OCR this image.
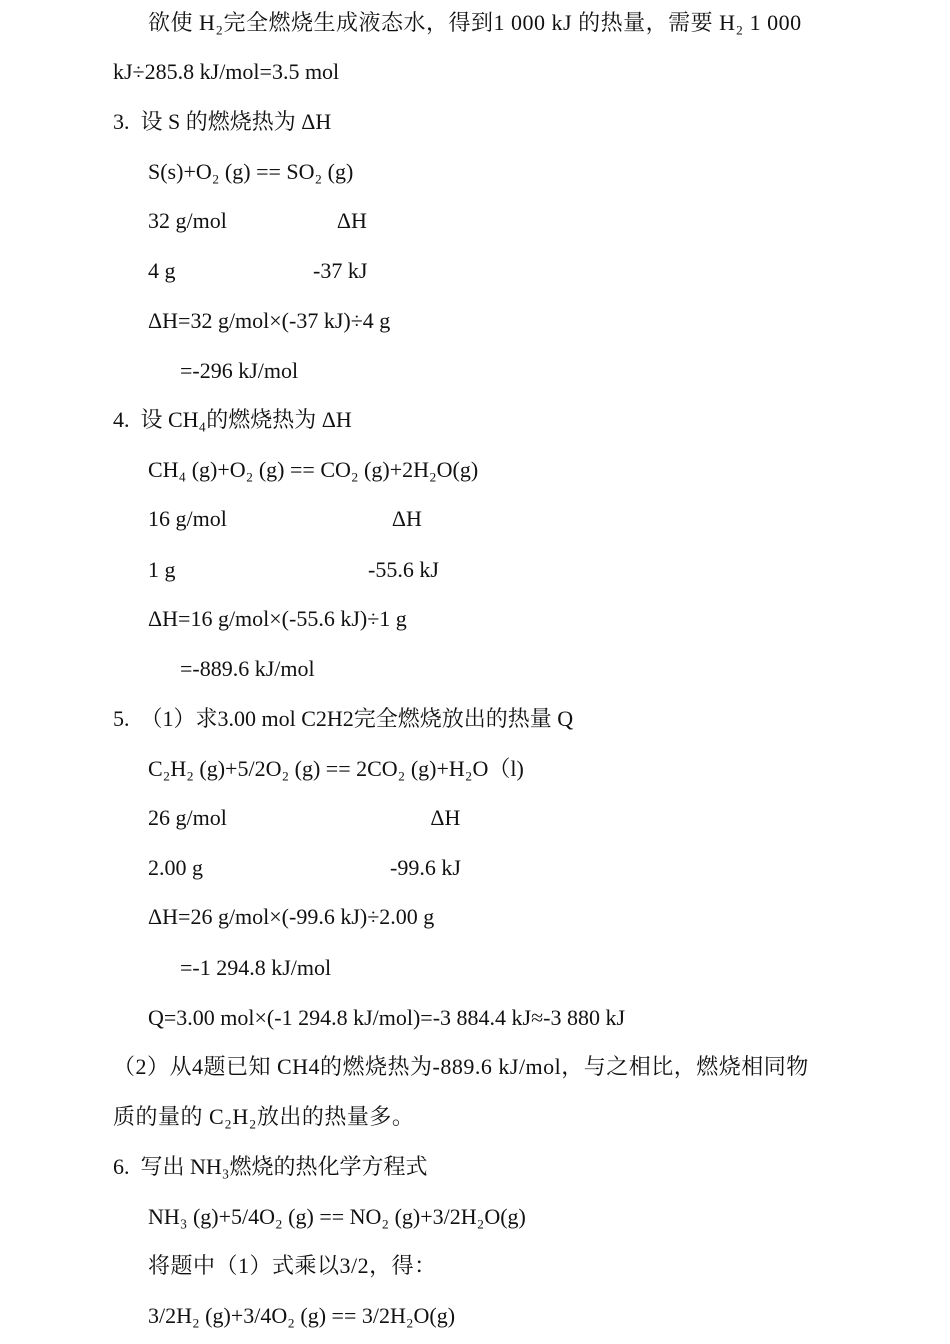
欲使 H₂完全燃烧生成液态水，得到1 000 kJ 的热量，需要 H₂ 1 000
kJ÷285.8 kJ/mol=3.5 mol
3.  设 S 的燃烧热为 ΔH
S(s)+O₂ (g) == SO₂ (g)
32 g/mol                    ΔH
4 g                         -37 kJ
ΔH=32 g/mol×(-37 kJ)÷4 g
=-296 kJ/mol
4.  设 CH₄的燃烧热为 ΔH
CH₄ (g)+O₂ (g) == CO₂ (g)+2H₂O(g)
16 g/mol                              ΔH
1 g                                   -55.6 kJ
ΔH=16 g/mol×(-55.6 kJ)÷1 g
=-889.6 kJ/mol
5.  （1）求3.00 mol C2H2完全燃烧放出的热量 Q
C₂H₂ (g)+5/2O₂ (g) == 2CO₂ (g)+H₂O（l)
26 g/mol                                     ΔH
2.00 g                                  -99.6 kJ
ΔH=26 g/mol×(-99.6 kJ)÷2.00 g
=-1 294.8 kJ/mol
Q=3.00 mol×(-1 294.8 kJ/mol)=-3 884.4 kJ≈-3 880 kJ
（2）从4题已知 CH4的燃烧热为-889.6 kJ/mol，与之相比，燃烧相同物
质的量的 C₂H₂放出的热量多。
6.  写出 NH₃燃烧的热化学方程式
NH₃ (g)+5/4O₂ (g) == NO₂ (g)+3/2H₂O(g)
将题中（1）式乘以3/2，得：
3/2H₂ (g)+3/4O₂ (g) == 3/2H₂O(g)
